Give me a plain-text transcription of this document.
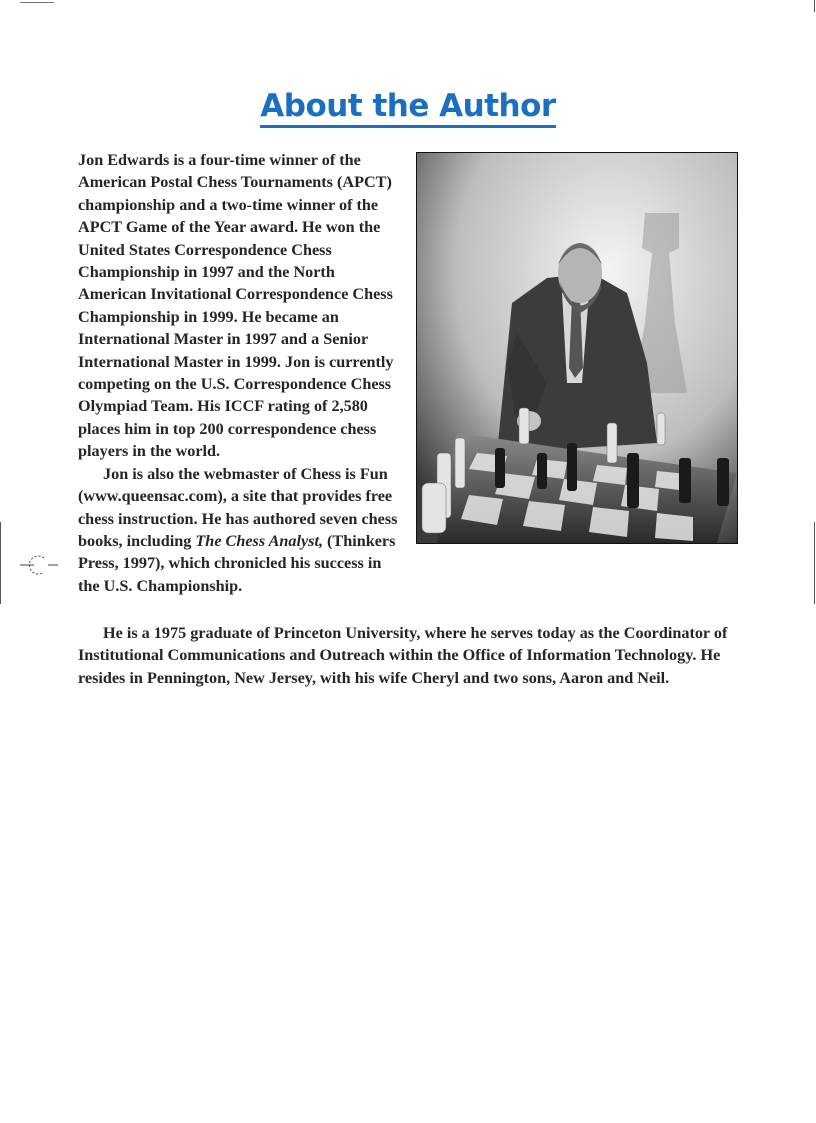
About the Author

Jon Edwards is a four-time winner of the American Postal Chess Tournaments (APCT) championship and a two-time winner of the APCT Game of the Year award. He won the United States Correspondence Chess Championship in 1997 and the North American Invitational Correspondence Chess Championship in 1999. He became an International Master in 1997 and a Senior International Master in 1999. Jon is currently competing on the U.S. Correspondence Chess Olympiad Team. His ICCF rating of 2,580 places him in top 200 correspondence chess players in the world.

Jon is also the webmaster of Chess is Fun (www.queensac.com), a site that provides free chess instruction. He has authored seven chess books, including The Chess Analyst, (Thinkers Press, 1997), which chronicled his success in the U.S. Championship.

He is a 1975 graduate of Princeton University, where he serves today as the Coordinator of Institutional Communications and Outreach within the Office of Information Technology. He resides in Pennington, New Jersey, with his wife Cheryl and two sons, Aaron and Neil.
